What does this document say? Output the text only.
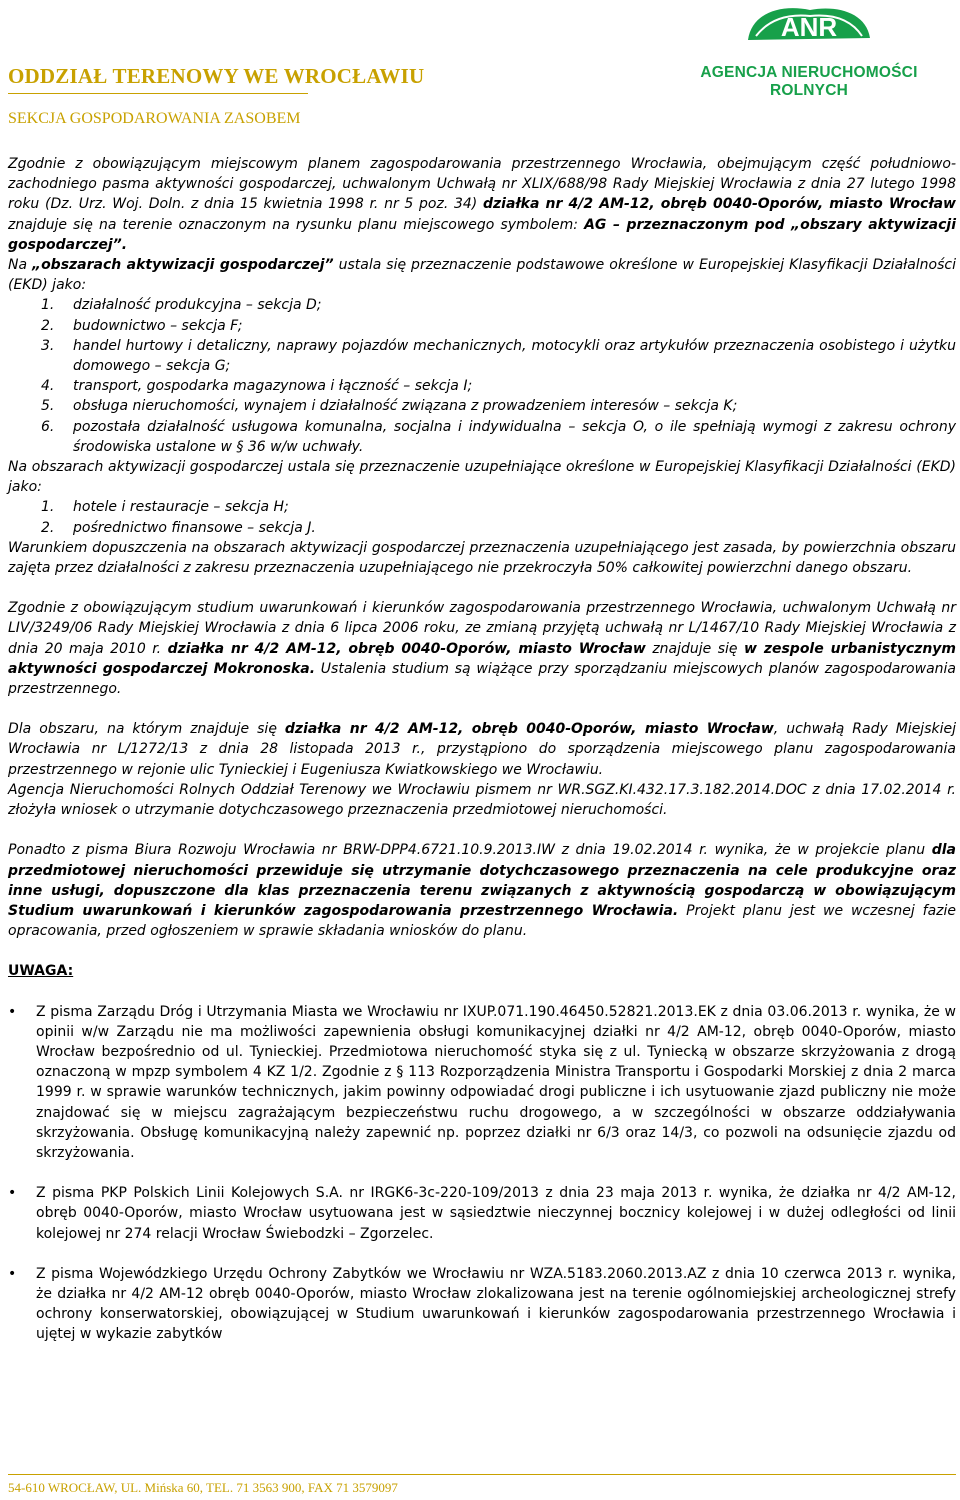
ODDZIAŁ TERENOWY WE WROCŁAWIU
SEKCJA GOSPODAROWANIA ZASOBEM
ANR
AGENCJA NIERUCHOMOŚCI ROLNYCH

Zgodnie z obowiązującym miejscowym planem zagospodarowania przestrzennego Wrocławia, obejmującym część południowo-zachodniego pasma aktywności gospodarczej, uchwalonym Uchwałą nr XLIX/688/98 Rady Miejskiej Wrocławia z dnia 27 lutego 1998 roku (Dz. Urz. Woj. Doln. z dnia 15 kwietnia 1998 r. nr 5 poz. 34) działka nr 4/2 AM-12, obręb 0040-Oporów, miasto Wrocław znajduje się na terenie oznaczonym na rysunku planu miejscowego symbolem: AG – przeznaczonym pod „obszary aktywizacji gospodarczej”.

Na „obszarach aktywizacji gospodarczej” ustala się przeznaczenie podstawowe określone w Europejskiej Klasyfikacji Działalności (EKD) jako:

1. działalność produkcyjna – sekcja D;
2. budownictwo – sekcja F;
3. handel hurtowy i detaliczny, naprawy pojazdów mechanicznych, motocykli oraz artykułów przeznaczenia osobistego i użytku domowego – sekcja G;
4. transport, gospodarka magazynowa i łączność – sekcja I;
5. obsługa nieruchomości, wynajem i działalność związana z prowadzeniem interesów – sekcja K;
6. pozostała działalność usługowa komunalna, socjalna i indywidualna – sekcja O, o ile spełniają wymogi z zakresu ochrony środowiska ustalone w § 36 w/w uchwały.

Na obszarach aktywizacji gospodarczej ustala się przeznaczenie uzupełniające określone w Europejskiej Klasyfikacji Działalności (EKD) jako:

1. hotele i restauracje – sekcja H;
2. pośrednictwo finansowe – sekcja J.

Warunkiem dopuszczenia na obszarach aktywizacji gospodarczej przeznaczenia uzupełniającego jest zasada, by powierzchnia obszaru zajęta przez działalności z zakresu przeznaczenia uzupełniającego nie przekroczyła 50% całkowitej powierzchni danego obszaru.

Zgodnie z obowiązującym studium uwarunkowań i kierunków zagospodarowania przestrzennego Wrocławia, uchwalonym Uchwałą nr LIV/3249/06 Rady Miejskiej Wrocławia z dnia 6 lipca 2006 roku, ze zmianą przyjętą uchwałą nr L/1467/10 Rady Miejskiej Wrocławia z dnia 20 maja 2010 r. działka nr 4/2 AM-12, obręb 0040-Oporów, miasto Wrocław znajduje się w zespole urbanistycznym aktywności gospodarczej Mokronoska. Ustalenia studium są wiążące przy sporządzaniu miejscowych planów zagospodarowania przestrzennego.

Dla obszaru, na którym znajduje się działka nr 4/2 AM-12, obręb 0040-Oporów, miasto Wrocław, uchwałą Rady Miejskiej Wrocławia nr L/1272/13 z dnia 28 listopada 2013 r., przystąpiono do sporządzenia miejscowego planu zagospodarowania przestrzennego w rejonie ulic Tynieckiej i Eugeniusza Kwiatkowskiego we Wrocławiu.

Agencja Nieruchomości Rolnych Oddział Terenowy we Wrocławiu pismem nr WR.SGZ.KI.432.17.3.182.2014.DOC z dnia 17.02.2014 r. złożyła wniosek o utrzymanie dotychczasowego przeznaczenia przedmiotowej nieruchomości.

Ponadto z pisma Biura Rozwoju Wrocławia nr BRW-DPP4.6721.10.9.2013.IW z dnia 19.02.2014 r. wynika, że w projekcie planu dla przedmiotowej nieruchomości przewiduje się utrzymanie dotychczasowego przeznaczenia na cele produkcyjne oraz inne usługi, dopuszczone dla klas przeznaczenia terenu związanych z aktywnością gospodarczą w obowiązującym Studium uwarunkowań i kierunków zagospodarowania przestrzennego Wrocławia. Projekt planu jest we wczesnej fazie opracowania, przed ogłoszeniem w sprawie składania wniosków do planu.

UWAGA:

• Z pisma Zarządu Dróg i Utrzymania Miasta we Wrocławiu nr IXUP.071.190.46450.52821.2013.EK z dnia 03.06.2013 r. wynika, że w opinii w/w Zarządu nie ma możliwości zapewnienia obsługi komunikacyjnej działki nr 4/2 AM-12, obręb 0040-Oporów, miasto Wrocław bezpośrednio od ul. Tynieckiej. Przedmiotowa nieruchomość styka się z ul. Tyniecką w obszarze skrzyżowania z drogą oznaczoną w mpzp symbolem 4 KZ 1/2. Zgodnie z § 113 Rozporządzenia Ministra Transportu i Gospodarki Morskiej z dnia 2 marca 1999 r. w sprawie warunków technicznych, jakim powinny odpowiadać drogi publiczne i ich usytuowanie zjazd publiczny nie może znajdować się w miejscu zagrażającym bezpieczeństwu ruchu drogowego, a w szczególności w obszarze oddziaływania skrzyżowania. Obsługę komunikacyjną należy zapewnić np. poprzez działki nr 6/3 oraz 14/3, co pozwoli na odsunięcie zjazdu od skrzyżowania.
• Z pisma PKP Polskich Linii Kolejowych S.A. nr IRGK6-3c-220-109/2013 z dnia 23 maja 2013 r. wynika, że działka nr 4/2 AM-12, obręb 0040-Oporów, miasto Wrocław usytuowana jest w sąsiedztwie nieczynnej bocznicy kolejowej i w dużej odległości od linii kolejowej nr 274 relacji Wrocław Świebodzki – Zgorzelec.
• Z pisma Wojewódzkiego Urzędu Ochrony Zabytków we Wrocławiu nr WZA.5183.2060.2013.AZ z dnia 10 czerwca 2013 r. wynika, że działka nr 4/2 AM-12 obręb 0040-Oporów, miasto Wrocław zlokalizowana jest na terenie ogólnomiejskiej archeologicznej strefy ochrony konserwatorskiej, obowiązującej w Studium uwarunkowań i kierunków zagospodarowania przestrzennego Wrocławia i ujętej w wykazie zabytków
54-610 WROCŁAW, UL. Mińska 60, TEL. 71 3563 900, FAX 71 3579097
